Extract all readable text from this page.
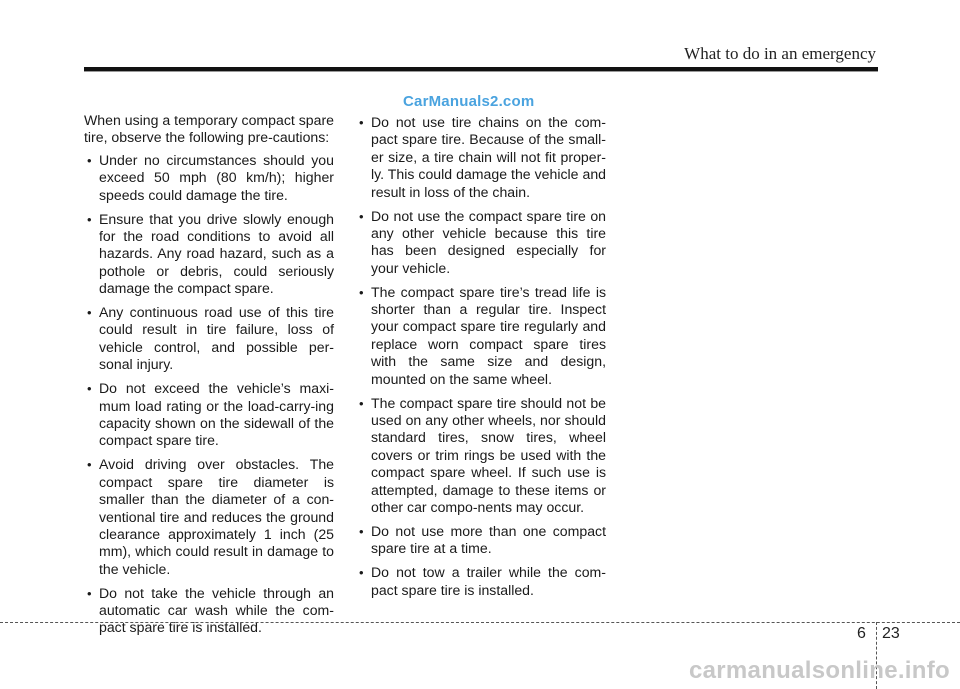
What to do in an emergency
CarManuals2.com

When using a temporary compact spare tire, observe the following pre-cautions:

• Under no circumstances should you exceed 50 mph (80 km/h); higher speeds could damage the tire.
• Ensure that you drive slowly enough for the road conditions to avoid all hazards. Any road hazard, such as a pothole or debris, could seriously damage the compact spare.
• Any continuous road use of this tire could result in tire failure, loss of vehicle control, and possible per-sonal injury.
• Do not exceed the vehicle’s maxi-mum load rating or the load-carry-ing capacity shown on the sidewall of the compact spare tire.
• Avoid driving over obstacles. The compact spare tire diameter is smaller than the diameter of a con-ventional tire and reduces the ground clearance approximately 1 inch (25 mm), which could result in damage to the vehicle.
• Do not take the vehicle through an automatic car wash while the com-pact spare tire is installed.
• Do not use tire chains on the com-pact spare tire. Because of the small-er size, a tire chain will not fit proper-ly. This could damage the vehicle and result in loss of the chain.
• Do not use the compact spare tire on any other vehicle because this tire has been designed especially for your vehicle.
• The compact spare tire’s tread life is shorter than a regular tire. Inspect your compact spare tire regularly and replace worn compact spare tires with the same size and design, mounted on the same wheel.
• The compact spare tire should not be used on any other wheels, nor should standard tires, snow tires, wheel covers or trim rings be used with the compact spare wheel. If such use is attempted, damage to these items or other car compo-nents may occur.
• Do not use more than one compact spare tire at a time.
• Do not tow a trailer while the com-pact spare tire is installed.
6 23
carmanualsonline.info
